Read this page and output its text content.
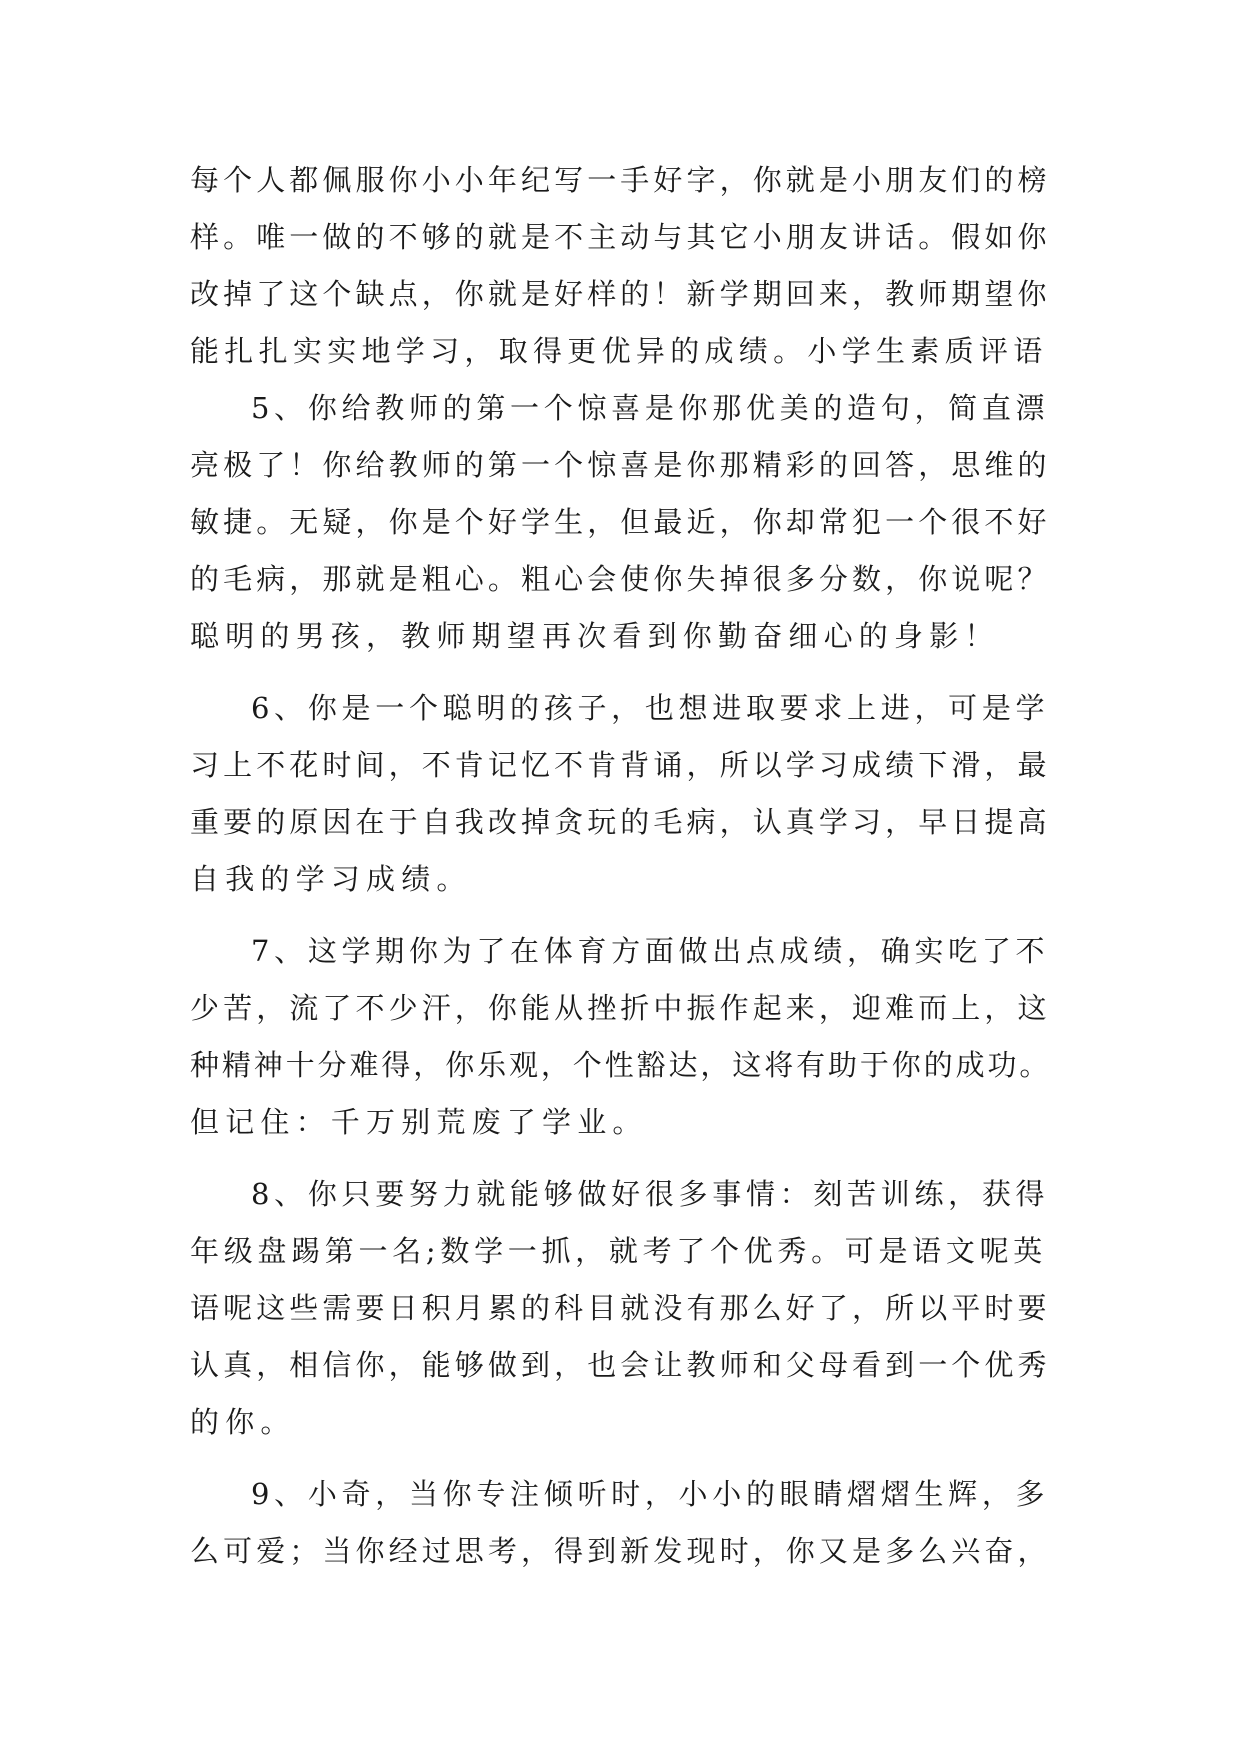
每个人都佩服你小小年纪写一手好字，你就是小朋友们的榜
样。唯一做的不够的就是不主动与其它小朋友讲话。假如你
改掉了这个缺点，你就是好样的！新学期回来，教师期望你
能扎扎实实地学习，取得更优异的成绩。小学生素质评语
5、你给教师的第一个惊喜是你那优美的造句，简直漂
亮极了！你给教师的第一个惊喜是你那精彩的回答，思维的
敏捷。无疑，你是个好学生，但最近，你却常犯一个很不好
的毛病，那就是粗心。粗心会使你失掉很多分数，你说呢？
聪明的男孩，教师期望再次看到你勤奋细心的身影！
6、你是一个聪明的孩子，也想进取要求上进，可是学
习上不花时间，不肯记忆不肯背诵，所以学习成绩下滑，最
重要的原因在于自我改掉贪玩的毛病，认真学习，早日提高
自我的学习成绩。
7、这学期你为了在体育方面做出点成绩，确实吃了不
少苦，流了不少汗，你能从挫折中振作起来，迎难而上，这
种精神十分难得，你乐观，个性豁达，这将有助于你的成功。
但记住：千万别荒废了学业。
8、你只要努力就能够做好很多事情：刻苦训练，获得
年级盘踢第一名;数学一抓，就考了个优秀。可是语文呢英
语呢这些需要日积月累的科目就没有那么好了，所以平时要
认真，相信你，能够做到，也会让教师和父母看到一个优秀
的你。
9、小奇，当你专注倾听时，小小的眼睛熠熠生辉，多
么可爱；当你经过思考，得到新发现时，你又是多么兴奋，
